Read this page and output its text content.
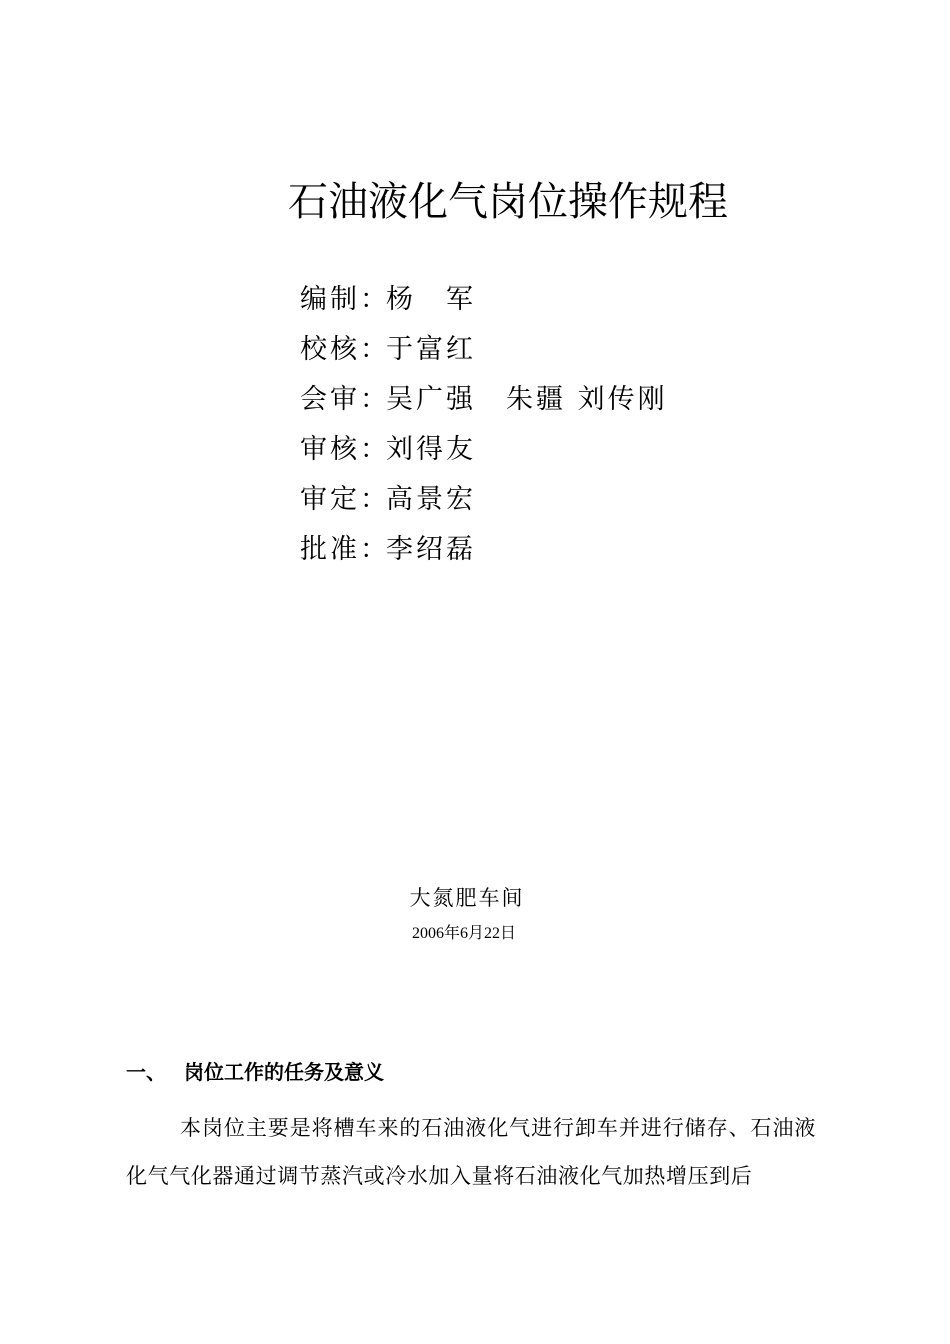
石油液化气岗位操作规程
编制：杨　军
校核：于富红
会审：吴广强　朱疆 刘传刚
审核：刘得友
审定：高景宏
批准：李绍磊
大氮肥车间
2006年6月22日
一、 岗位工作的任务及意义

本岗位主要是将槽车来的石油液化气进行卸车并进行储存、石油液化气气化器通过调节蒸汽或冷水加入量将石油液化气加热增压到后
